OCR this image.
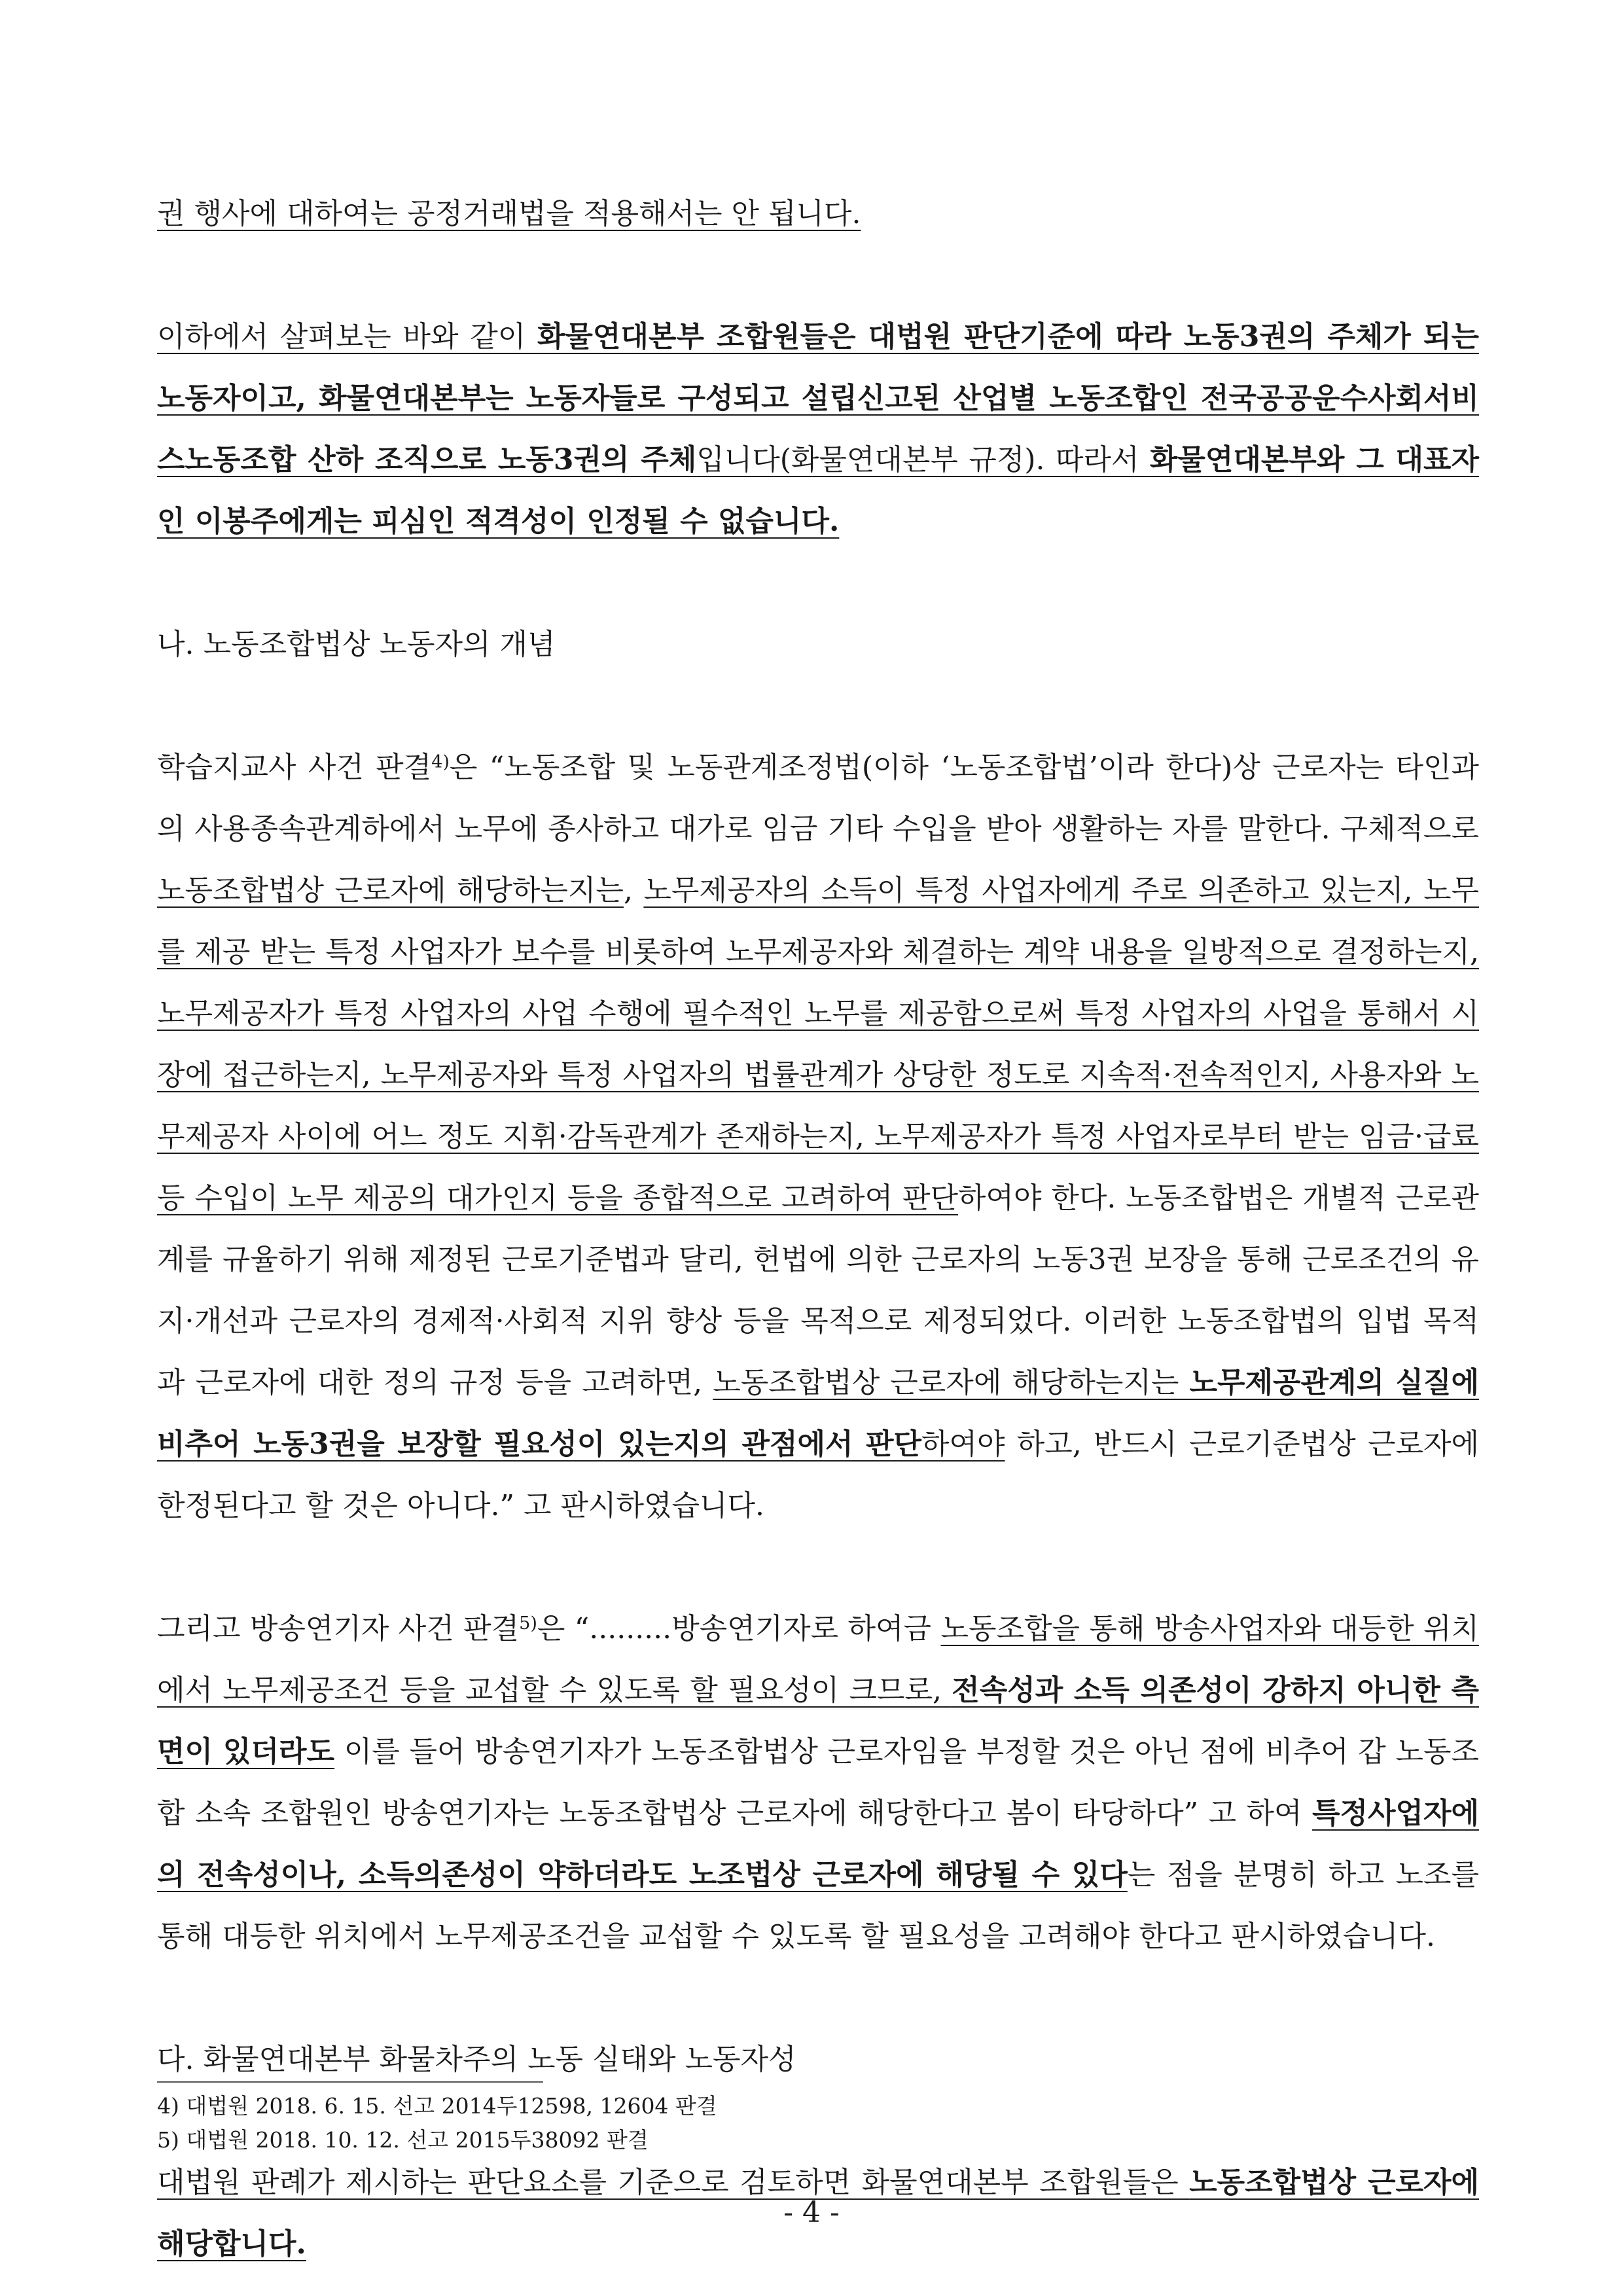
권 행사에 대하여는 공정거래법을 적용해서는 안 됩니다.

이하에서 살펴보는 바와 같이 화물연대본부 조합원들은 대법원 판단기준에 따라 노동3권의 주체가 되는 노동자이고, 화물연대본부는 노동자들로 구성되고 설립신고된 산업별 노동조합인 전국공공운수사회서비스노동조합 산하 조직으로 노동3권의 주체입니다(화물연대본부 규정). 따라서 화물연대본부와 그 대표자인 이봉주에게는 피심인 적격성이 인정될 수 없습니다.

나. 노동조합법상 노동자의 개념

학습지교사 사건 판결$^{4)}$은 “노동조합 및 노동관계조정법(이하 ‘노동조합법’이라 한다)상 근로자는 타인과의 사용종속관계하에서 노무에 종사하고 대가로 임금 기타 수입을 받아 생활하는 자를 말한다. 구체적으로 노동조합법상 근로자에 해당하는지는, 노무제공자의 소득이 특정 사업자에게 주로 의존하고 있는지, 노무를 제공 받는 특정 사업자가 보수를 비롯하여 노무제공자와 체결하는 계약 내용을 일방적으로 결정하는지, 노무제공자가 특정 사업자의 사업 수행에 필수적인 노무를 제공함으로써 특정 사업자의 사업을 통해서 시장에 접근하는지, 노무제공자와 특정 사업자의 법률관계가 상당한 정도로 지속적·전속적인지, 사용자와 노무제공자 사이에 어느 정도 지휘·감독관계가 존재하는지, 노무제공자가 특정 사업자로부터 받는 임금·급료 등 수입이 노무 제공의 대가인지 등을 종합적으로 고려하여 판단하여야 한다. 노동조합법은 개별적 근로관계를 규율하기 위해 제정된 근로기준법과 달리, 헌법에 의한 근로자의 노동3권 보장을 통해 근로조건의 유지·개선과 근로자의 경제적·사회적 지위 향상 등을 목적으로 제정되었다. 이러한 노동조합법의 입법 목적과 근로자에 대한 정의 규정 등을 고려하면, 노동조합법상 근로자에 해당하는지는 노무제공관계의 실질에 비추어 노동3권을 보장할 필요성이 있는지의 관점에서 판단하여야 하고, 반드시 근로기준법상 근로자에 한정된다고 할 것은 아니다.” 고 판시하였습니다.

그리고 방송연기자 사건 판결$^{5)}$은 “.........방송연기자로 하여금 노동조합을 통해 방송사업자와 대등한 위치에서 노무제공조건 등을 교섭할 수 있도록 할 필요성이 크므로, 전속성과 소득 의존성이 강하지 아니한 측면이 있더라도 이를 들어 방송연기자가 노동조합법상 근로자임을 부정할 것은 아닌 점에 비추어 갑 노동조합 소속 조합원인 방송연기자는 노동조합법상 근로자에 해당한다고 봄이 타당하다” 고 하여 특정사업자에의 전속성이나, 소득의존성이 약하더라도 노조법상 근로자에 해당될 수 있다는 점을 분명히 하고 노조를 통해 대등한 위치에서 노무제공조건을 교섭할 수 있도록 할 필요성을 고려해야 한다고 판시하였습니다.

다. 화물연대본부 화물차주의 노동 실태와 노동자성

대법원 판례가 제시하는 판단요소를 기준으로 검토하면 화물연대본부 조합원들은 노동조합법상 근로자에 해당합니다.

4) 대법원 2018. 6. 15. 선고 2014두12598, 12604 판결

5) 대법원 2018. 10. 12. 선고 2015두38092 판결

- 4 -
